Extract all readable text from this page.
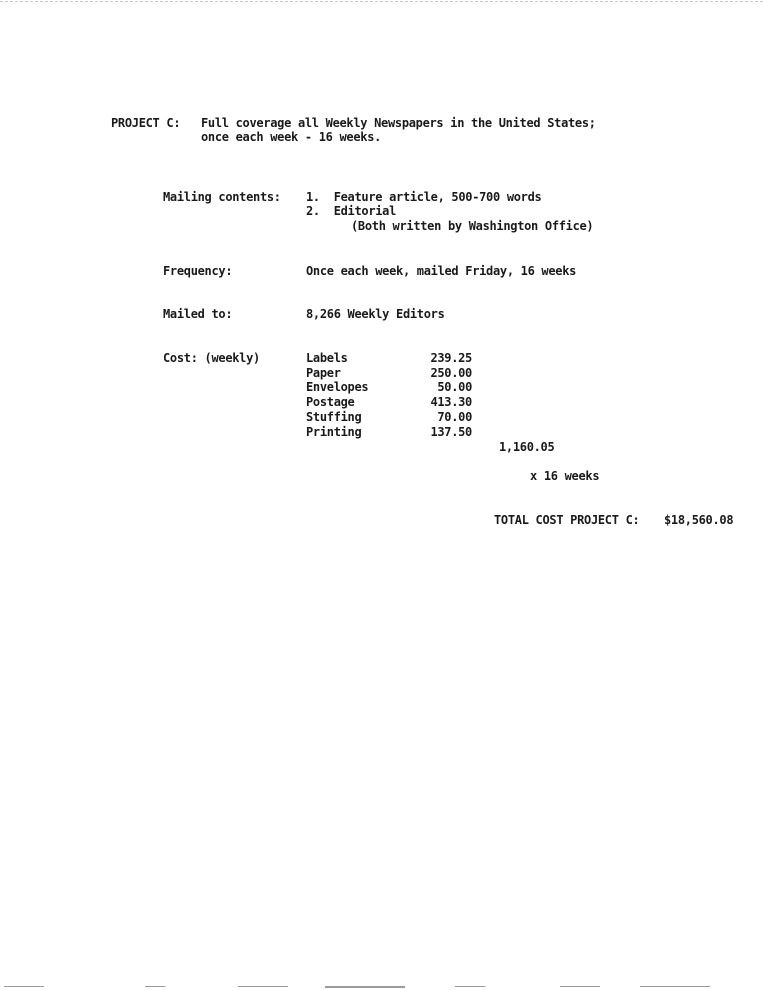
PROJECT C: Full coverage all Weekly Newspapers in the United States;
once each week - 16 weeks.
Mailing contents: 1.  Feature article, 500-700 words
2.  Editorial
(Both written by Washington Office)
Frequency:	Once each week, mailed Friday, 16 weeks
Mailed to:	8,266 Weekly Editors
Cost: (weekly)	Labels	239.25
Paper	250.00
Envelopes	50.00
Postage	413.30
Stuffing	70.00
Printing	137.50
1,160.05
x 16 weeks
TOTAL COST PROJECT C: $18,560.08
